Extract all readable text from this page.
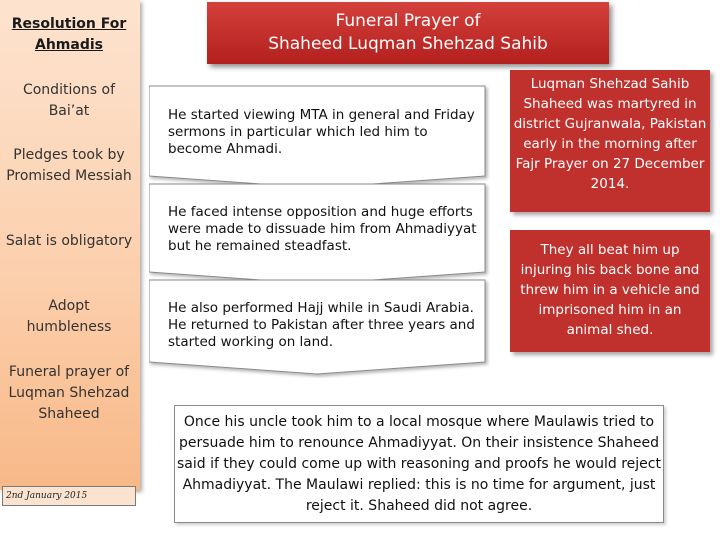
Resolution For Ahmadis
Conditions of Bai’at
Pledges took by Promised Messiah
Salat is obligatory
Adopt humbleness
Funeral prayer of Luqman Shehzad Shaheed
2nd January 2015
Funeral Prayer of
Shaheed Luqman Shehzad Sahib
He started viewing MTA in general and Friday sermons in particular which led him to become Ahmadi.
He faced intense opposition and huge efforts were made to dissuade him from Ahmadiyyat but he remained steadfast.
He also performed Hajj while in Saudi Arabia. He returned to Pakistan after three years and started working on land.
Luqman Shehzad Sahib Shaheed was martyred in district Gujranwala, Pakistan early in the morning after Fajr Prayer on 27 December 2014.
They all beat him up injuring his back bone and threw him in a vehicle and imprisoned him in an animal shed.
Once his uncle took him to a local mosque where Maulawis tried to persuade him to renounce Ahmadiyyat. On their insistence Shaheed said if they could come up with reasoning and proofs he would reject Ahmadiyyat. The Maulawi replied: this is no time for argument, just reject it. Shaheed did not agree.
